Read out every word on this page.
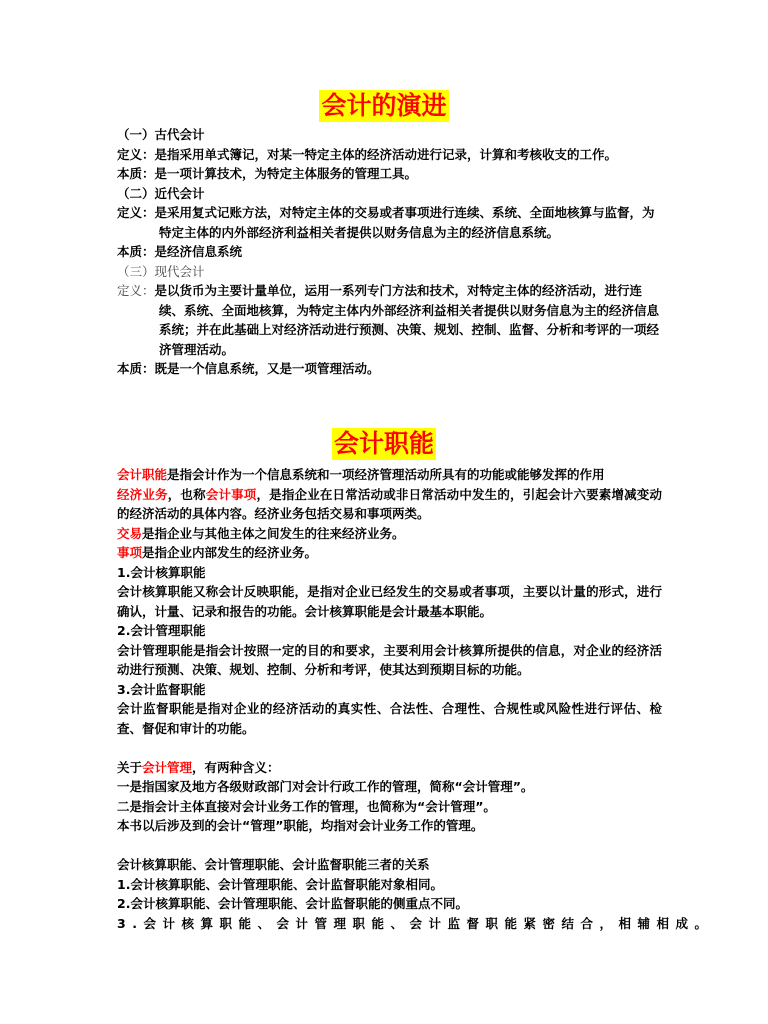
会计的演进
（一）古代会计
定义：是指采用单式簿记，对某一特定主体的经济活动进行记录，计算和考核收支的工作。
本质：是一项计算技术，为特定主体服务的管理工具。
（二）近代会计
定义：是采用复式记账方法，对特定主体的交易或者事项进行连续、系统、全面地核算与监督，为特定主体的内外部经济利益相关者提供以财务信息为主的经济信息系统。
本质：是经济信息系统
（三）现代会计
定义：是以货币为主要计量单位，运用一系列专门方法和技术，对特定主体的经济活动，进行连续、系统、全面地核算，为特定主体内外部经济利益相关者提供以财务信息为主的经济信息系统；并在此基础上对经济活动进行预测、决策、规划、控制、监督、分析和考评的一项经济管理活动。
本质：既是一个信息系统，又是一项管理活动。
会计职能
会计职能是指会计作为一个信息系统和一项经济管理活动所具有的功能或能够发挥的作用
经济业务，也称会计事项，是指企业在日常活动或非日常活动中发生的，引起会计六要素增减变动的经济活动的具体内容。经济业务包括交易和事项两类。
交易是指企业与其他主体之间发生的往来经济业务。
事项是指企业内部发生的经济业务。
1.会计核算职能
会计核算职能又称会计反映职能，是指对企业已经发生的交易或者事项，主要以计量的形式，进行确认，计量、记录和报告的功能。会计核算职能是会计最基本职能。
2.会计管理职能
会计管理职能是指会计按照一定的目的和要求，主要利用会计核算所提供的信息，对企业的经济活动进行预测、决策、规划、控制、分析和考评，使其达到预期目标的功能。
3.会计监督职能
会计监督职能是指对企业的经济活动的真实性、合法性、合理性、合规性或风险性进行评估、检查、督促和审计的功能。
关于会计管理，有两种含义：
一是指国家及地方各级财政部门对会计行政工作的管理，简称“会计管理”。
二是指会计主体直接对会计业务工作的管理，也简称为“会计管理”。
本书以后涉及到的会计“管理”职能，均指对会计业务工作的管理。
会计核算职能、会计管理职能、会计监督职能三者的关系
1.会计核算职能、会计管理职能、会计监督职能对象相同。
2.会计核算职能、会计管理职能、会计监督职能的侧重点不同。
3.会计核算职能、会计管理职能、会计监督职能紧密结合，相辅相成。
